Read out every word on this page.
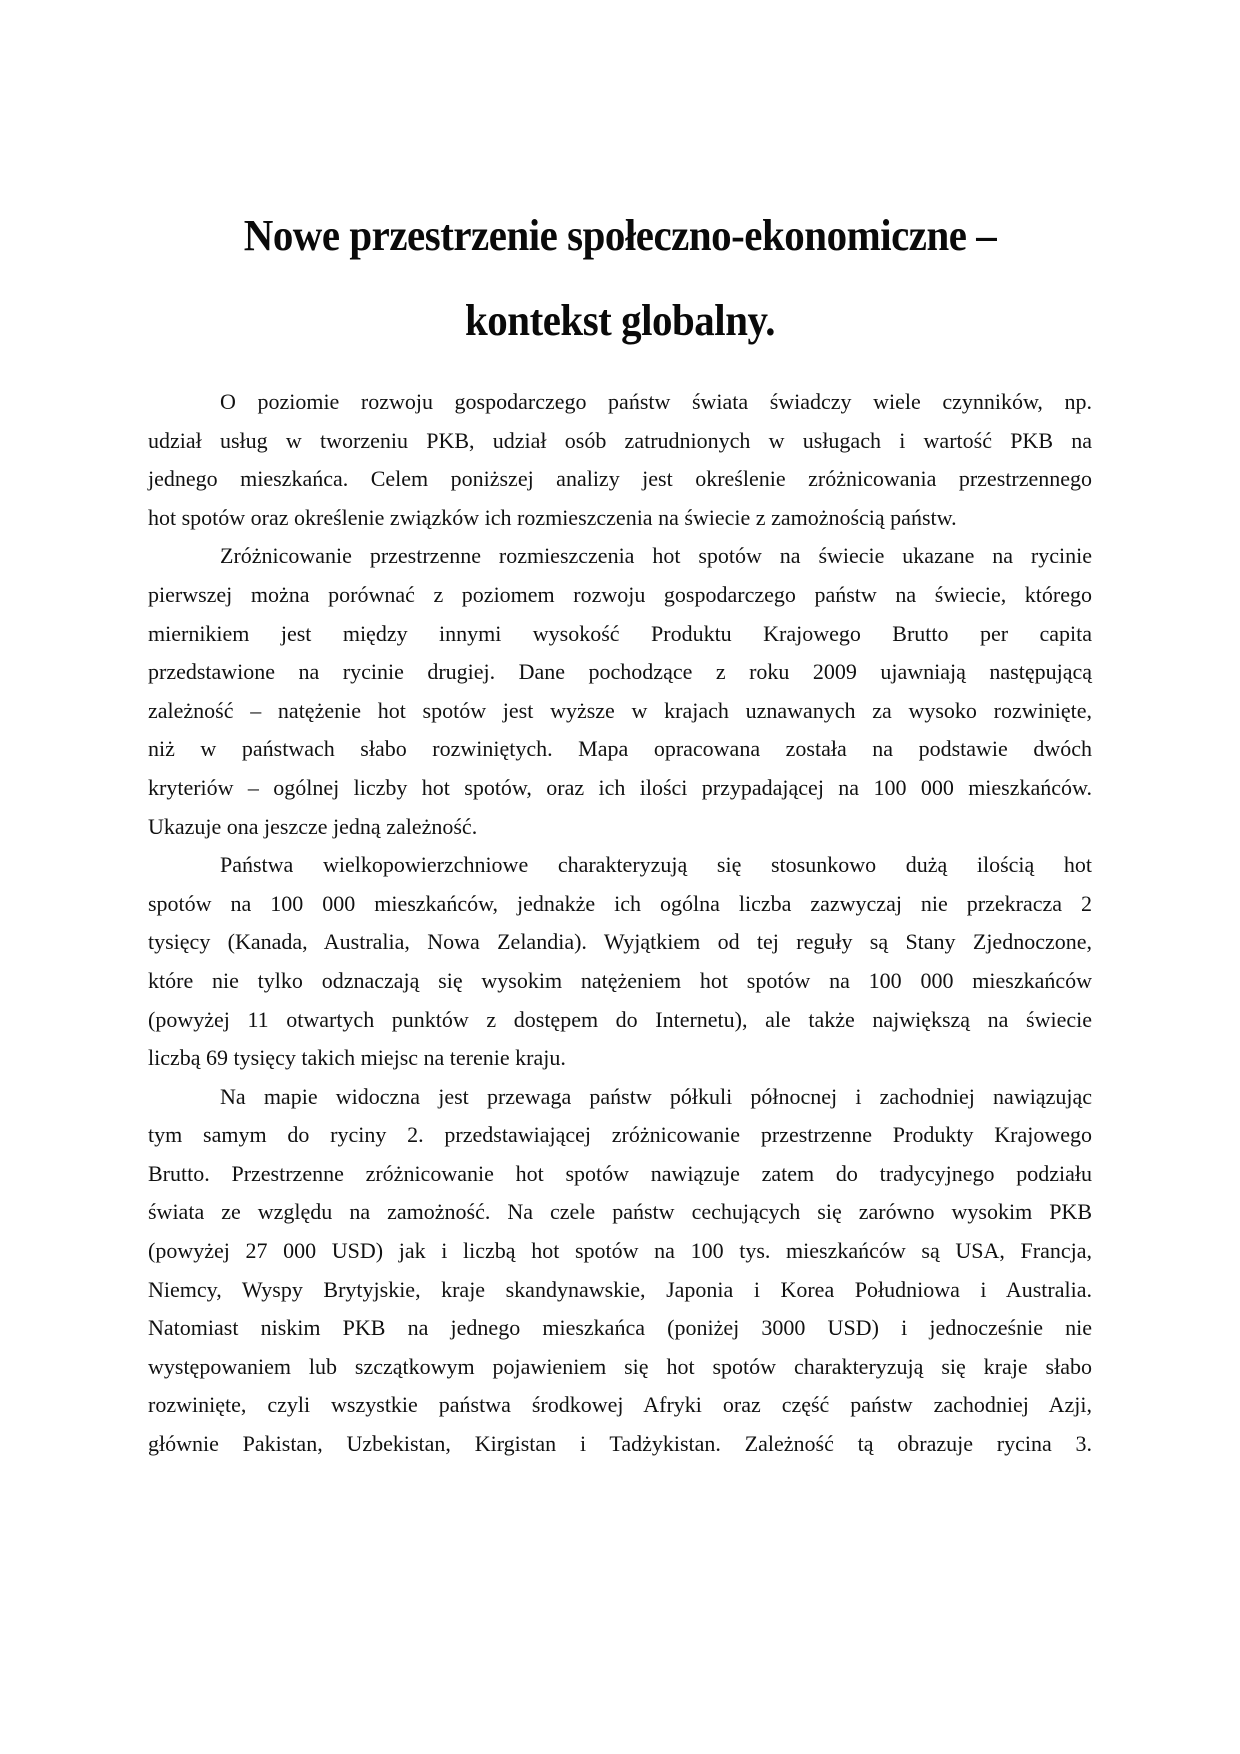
Nowe przestrzenie społeczno-ekonomiczne –
kontekst globalny.
O poziomie rozwoju gospodarczego państw świata świadczy wiele czynników, np.
udział usług w tworzeniu PKB, udział osób zatrudnionych w usługach i wartość PKB na
jednego mieszkańca. Celem poniższej analizy jest określenie zróżnicowania przestrzennego
hot spotów oraz określenie związków ich rozmieszczenia na świecie z zamożnością państw.
Zróżnicowanie przestrzenne rozmieszczenia hot spotów na świecie ukazane na rycinie
pierwszej można porównać z poziomem rozwoju gospodarczego państw na świecie, którego
miernikiem jest między innymi wysokość Produktu Krajowego Brutto per capita
przedstawione na rycinie drugiej. Dane pochodzące z roku 2009 ujawniają następującą
zależność – natężenie hot spotów jest wyższe w krajach uznawanych za wysoko rozwinięte,
niż w państwach słabo rozwiniętych. Mapa opracowana została na podstawie dwóch
kryteriów – ogólnej liczby hot spotów, oraz ich ilości przypadającej na 100 000 mieszkańców.
Ukazuje ona jeszcze jedną zależność.
Państwa wielkopowierzchniowe charakteryzują się stosunkowo dużą ilością hot
spotów na 100 000 mieszkańców, jednakże ich ogólna liczba zazwyczaj nie przekracza 2
tysięcy (Kanada, Australia, Nowa Zelandia). Wyjątkiem od tej reguły są Stany Zjednoczone,
które nie tylko odznaczają się wysokim natężeniem hot spotów na 100 000 mieszkańców
(powyżej 11 otwartych punktów z dostępem do Internetu), ale także największą na świecie
liczbą 69 tysięcy takich miejsc na terenie kraju.
Na mapie widoczna jest przewaga państw półkuli północnej i zachodniej nawiązując
tym samym do ryciny 2. przedstawiającej zróżnicowanie przestrzenne Produkty Krajowego
Brutto. Przestrzenne zróżnicowanie hot spotów nawiązuje zatem do tradycyjnego podziału
świata ze względu na zamożność. Na czele państw cechujących się zarówno wysokim PKB
(powyżej 27 000 USD) jak i liczbą hot spotów na 100 tys. mieszkańców są USA, Francja,
Niemcy, Wyspy Brytyjskie, kraje skandynawskie, Japonia i Korea Południowa i Australia.
Natomiast niskim PKB na jednego mieszkańca (poniżej 3000 USD) i jednocześnie nie
występowaniem lub szczątkowym pojawieniem się hot spotów charakteryzują się kraje słabo
rozwinięte, czyli wszystkie państwa środkowej Afryki oraz część państw zachodniej Azji,
głównie Pakistan, Uzbekistan, Kirgistan i Tadżykistan. Zależność tą obrazuje rycina 3.
